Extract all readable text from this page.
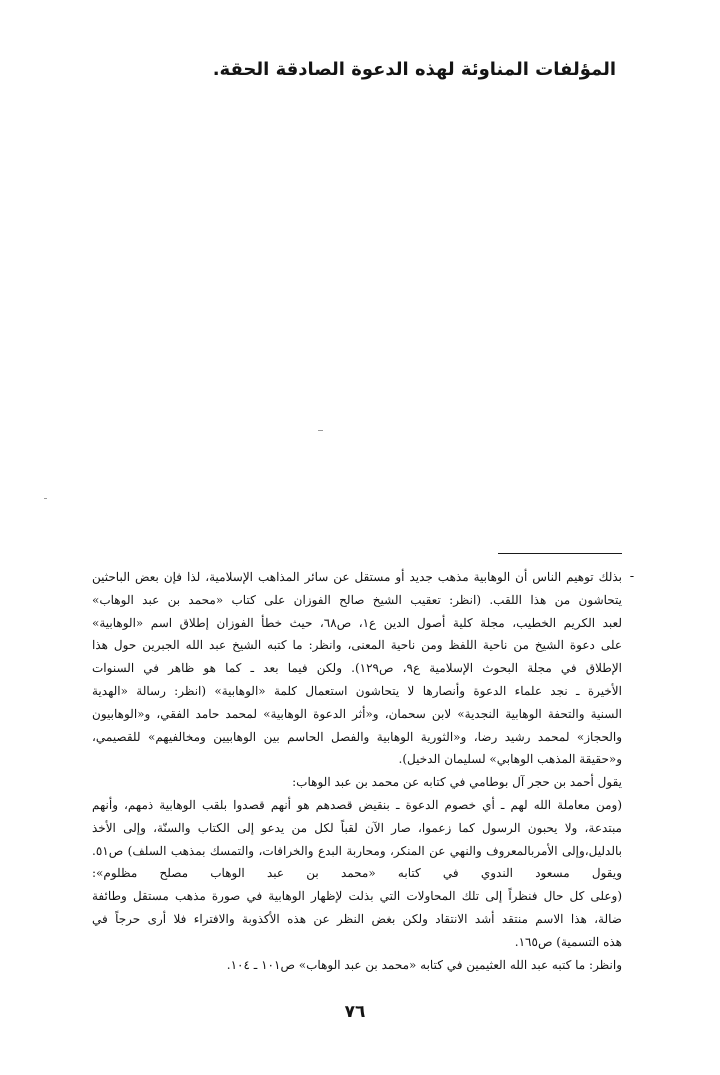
المؤلفات المناوئة لهذه الدعوة الصادقة الحقة.
-
بذلك توهيم الناس أن الوهابية مذهب جديد أو مستقل عن سائر المذاهب الإسلامية، لذا فإن بعض الباحثين
يتحاشون من هذا اللقب. (انظر: تعقيب الشيخ صالح الفوزان على كتاب «محمد بن عبد الوهاب»
لعبد الكريم الخطيب، مجلة كلية أصول الدين ع١، ص٦٨، حيث خطأ الفوزان إطلاق اسم «الوهابية»
على دعوة الشيخ من ناحية اللفظ ومن ناحية المعنى، وانظر: ما كتبه الشيخ عبد الله الجبرين حول هذا
الإطلاق في مجلة البحوث الإسلامية ع٩، ص١٢٩). ولكن فيما بعد ـ كما هو ظاهر في السنوات
الأخيرة ـ نجد علماء الدعوة وأنصارها لا يتحاشون استعمال كلمة «الوهابية» (انظر: رسالة «الهدية
السنية والتحفة الوهابية النجدية» لابن سحمان، و«أثر الدعوة الوهابية» لمحمد حامد الفقي، و«الوهابيون
والحجاز» لمحمد رشيد رضا، و«الثورية الوهابية والفصل الحاسم بين الوهابيين ومخالفيهم» للقصيمي،
و«حقيقة المذهب الوهابي» لسليمان الدخيل).
يقول أحمد بن حجر آل بوطامي في كتابه عن محمد بن عبد الوهاب:
(ومن معاملة الله لهم ـ أي خصوم الدعوة ـ بنقيض قصدهم هو أنهم قصدوا بلقب الوهابية ذمهم، وأنهم
مبتدعة، ولا يحبون الرسول كما زعموا، صار الآن لقباً لكل من يدعو إلى الكتاب والسنّة، وإلى الأخذ
بالدليل،وإلى الأمربالمعروف والنهي عن المنكر، ومحاربة البدع والخرافات، والتمسك بمذهب السلف) ص٥١.
ويقول مسعود الندوي في كتابه «محمد بن عبد الوهاب مصلح مظلوم»:
(وعلى كل حال فنظراً إلى تلك المحاولات التي بذلت لإظهار الوهابية في صورة مذهب مستقل وطائفة
ضالة، هذا الاسم منتقد أشد الانتقاد ولكن بغض النظر عن هذه الأكذوبة والافتراء فلا أرى حرجاً في
هذه التسمية) ص١٦٥.
وانظر: ما كتبه عبد الله العثيمين في كتابه «محمد بن عبد الوهاب» ص١٠١ ـ ١٠٤.
٧٦
